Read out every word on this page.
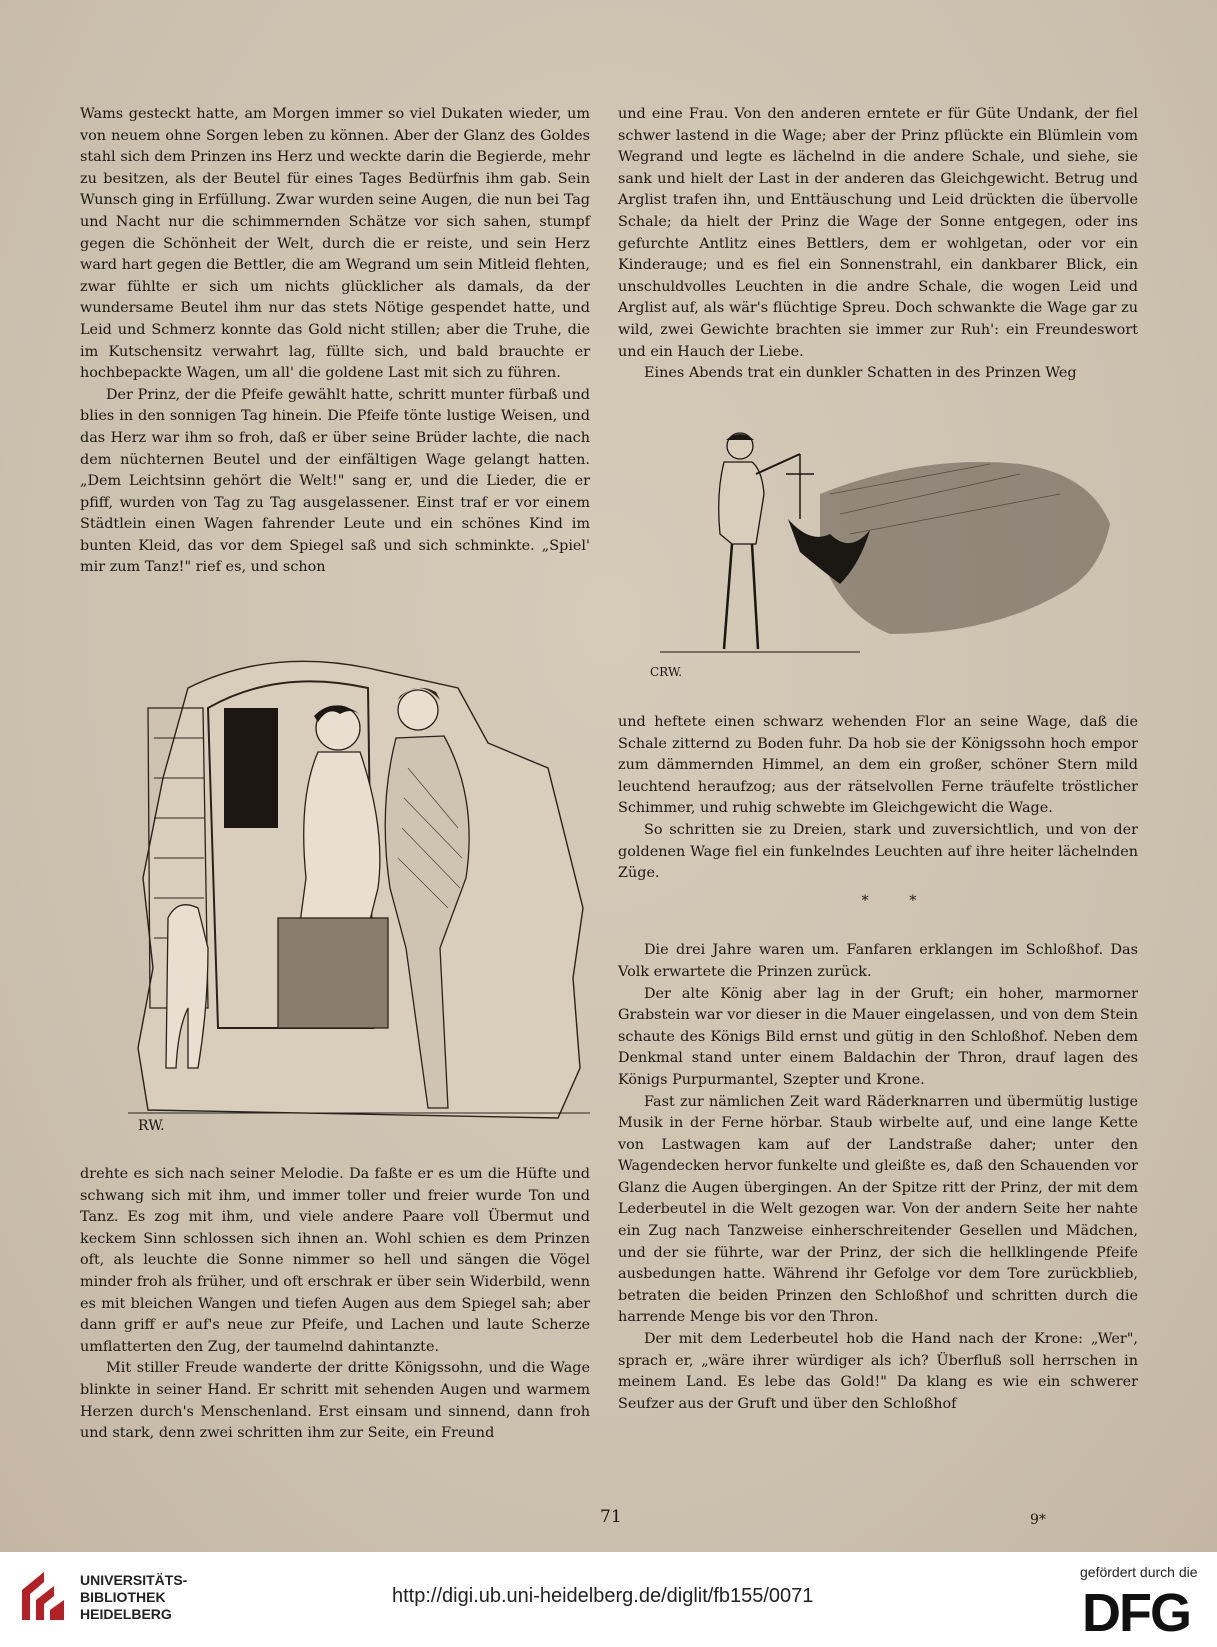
Wams gesteckt hatte, am Morgen immer so viel Dukaten wieder, um von neuem ohne Sorgen leben zu können. Aber der Glanz des Goldes stahl sich dem Prinzen ins Herz und weckte darin die Begierde, mehr zu besitzen, als der Beutel für eines Tages Bedürfnis ihm gab. Sein Wunsch ging in Erfüllung. Zwar wurden seine Augen, die nun bei Tag und Nacht nur die schimmernden Schätze vor sich sahen, stumpf gegen die Schönheit der Welt, durch die er reiste, und sein Herz ward hart gegen die Bettler, die am Wegrand um sein Mitleid flehten, zwar fühlte er sich um nichts glücklicher als damals, da der wundersame Beutel ihm nur das stets Nötige gespendet hatte, und Leid und Schmerz konnte das Gold nicht stillen; aber die Truhe, die im Kutschensitz verwahrt lag, füllte sich, und bald brauchte er hochbepackte Wagen, um all' die goldene Last mit sich zu führen.

Der Prinz, der die Pfeife gewählt hatte, schritt munter fürbaß und blies in den sonnigen Tag hinein. Die Pfeife tönte lustige Weisen, und das Herz war ihm so froh, daß er über seine Brüder lachte, die nach dem nüchternen Beutel und der einfältigen Wage gelangt hatten. „Dem Leichtsinn gehört die Welt!" sang er, und die Lieder, die er pfiff, wurden von Tag zu Tag ausgelassener. Einst traf er vor einem Städtlein einen Wagen fahrender Leute und ein schönes Kind im bunten Kleid, das vor dem Spiegel saß und sich schminkte. „Spiel' mir zum Tanz!" rief es, und schon

RW.

drehte es sich nach seiner Melodie. Da faßte er es um die Hüfte und schwang sich mit ihm, und immer toller und freier wurde Ton und Tanz. Es zog mit ihm, und viele andere Paare voll Übermut und keckem Sinn schlossen sich ihnen an. Wohl schien es dem Prinzen oft, als leuchte die Sonne nimmer so hell und sängen die Vögel minder froh als früher, und oft erschrak er über sein Widerbild, wenn es mit bleichen Wangen und tiefen Augen aus dem Spiegel sah; aber dann griff er auf's neue zur Pfeife, und Lachen und laute Scherze umflatterten den Zug, der taumelnd dahintanzte.

Mit stiller Freude wanderte der dritte Königssohn, und die Wage blinkte in seiner Hand. Er schritt mit sehenden Augen und warmem Herzen durch's Menschenland. Erst einsam und sinnend, dann froh und stark, denn zwei schritten ihm zur Seite, ein Freund

und eine Frau. Von den anderen erntete er für Güte Undank, der fiel schwer lastend in die Wage; aber der Prinz pflückte ein Blümlein vom Wegrand und legte es lächelnd in die andere Schale, und siehe, sie sank und hielt der Last in der anderen das Gleichgewicht. Betrug und Arglist trafen ihn, und Enttäuschung und Leid drückten die übervolle Schale; da hielt der Prinz die Wage der Sonne entgegen, oder ins gefurchte Antlitz eines Bettlers, dem er wohlgetan, oder vor ein Kinderauge; und es fiel ein Sonnenstrahl, ein dankbarer Blick, ein unschuldvolles Leuchten in die andre Schale, die wogen Leid und Arglist auf, als wär's flüchtige Spreu. Doch schwankte die Wage gar zu wild, zwei Gewichte brachten sie immer zur Ruh': ein Freundeswort und ein Hauch der Liebe.

Eines Abends trat ein dunkler Schatten in des Prinzen Weg

CRW.

und heftete einen schwarz wehenden Flor an seine Wage, daß die Schale zitternd zu Boden fuhr. Da hob sie der Königssohn hoch empor zum dämmernden Himmel, an dem ein großer, schöner Stern mild leuchtend heraufzog; aus der rätselvollen Ferne träufelte tröstlicher Schimmer, und ruhig schwebte im Gleichgewicht die Wage.

So schritten sie zu Dreien, stark und zuversichtlich, und von der goldenen Wage fiel ein funkelndes Leuchten auf ihre heiter lächelnden Züge.

* *

Die drei Jahre waren um. Fanfaren erklangen im Schloßhof. Das Volk erwartete die Prinzen zurück.

Der alte König aber lag in der Gruft; ein hoher, marmorner Grabstein war vor dieser in die Mauer eingelassen, und von dem Stein schaute des Königs Bild ernst und gütig in den Schloßhof. Neben dem Denkmal stand unter einem Baldachin der Thron, drauf lagen des Königs Purpurmantel, Szepter und Krone.

Fast zur nämlichen Zeit ward Räderknarren und übermütig lustige Musik in der Ferne hörbar. Staub wirbelte auf, und eine lange Kette von Lastwagen kam auf der Landstraße daher; unter den Wagendecken hervor funkelte und gleißte es, daß den Schauenden vor Glanz die Augen übergingen. An der Spitze ritt der Prinz, der mit dem Lederbeutel in die Welt gezogen war. Von der andern Seite her nahte ein Zug nach Tanzweise einherschreitender Gesellen und Mädchen, und der sie führte, war der Prinz, der sich die hellklingende Pfeife ausbedungen hatte. Während ihr Gefolge vor dem Tore zurückblieb, betraten die beiden Prinzen den Schloßhof und schritten durch die harrende Menge bis vor den Thron.

Der mit dem Lederbeutel hob die Hand nach der Krone: „Wer", sprach er, „wäre ihrer würdiger als ich? Überfluß soll herrschen in meinem Land. Es lebe das Gold!" Da klang es wie ein schwerer Seufzer aus der Gruft und über den Schloßhof

71	9*
UNIVERSITÄTS-
BIBLIOTHEK
HEIDELBERG
http://digi.ub.uni-heidelberg.de/diglit/fb155/0071
gefördert durch die
DFG
